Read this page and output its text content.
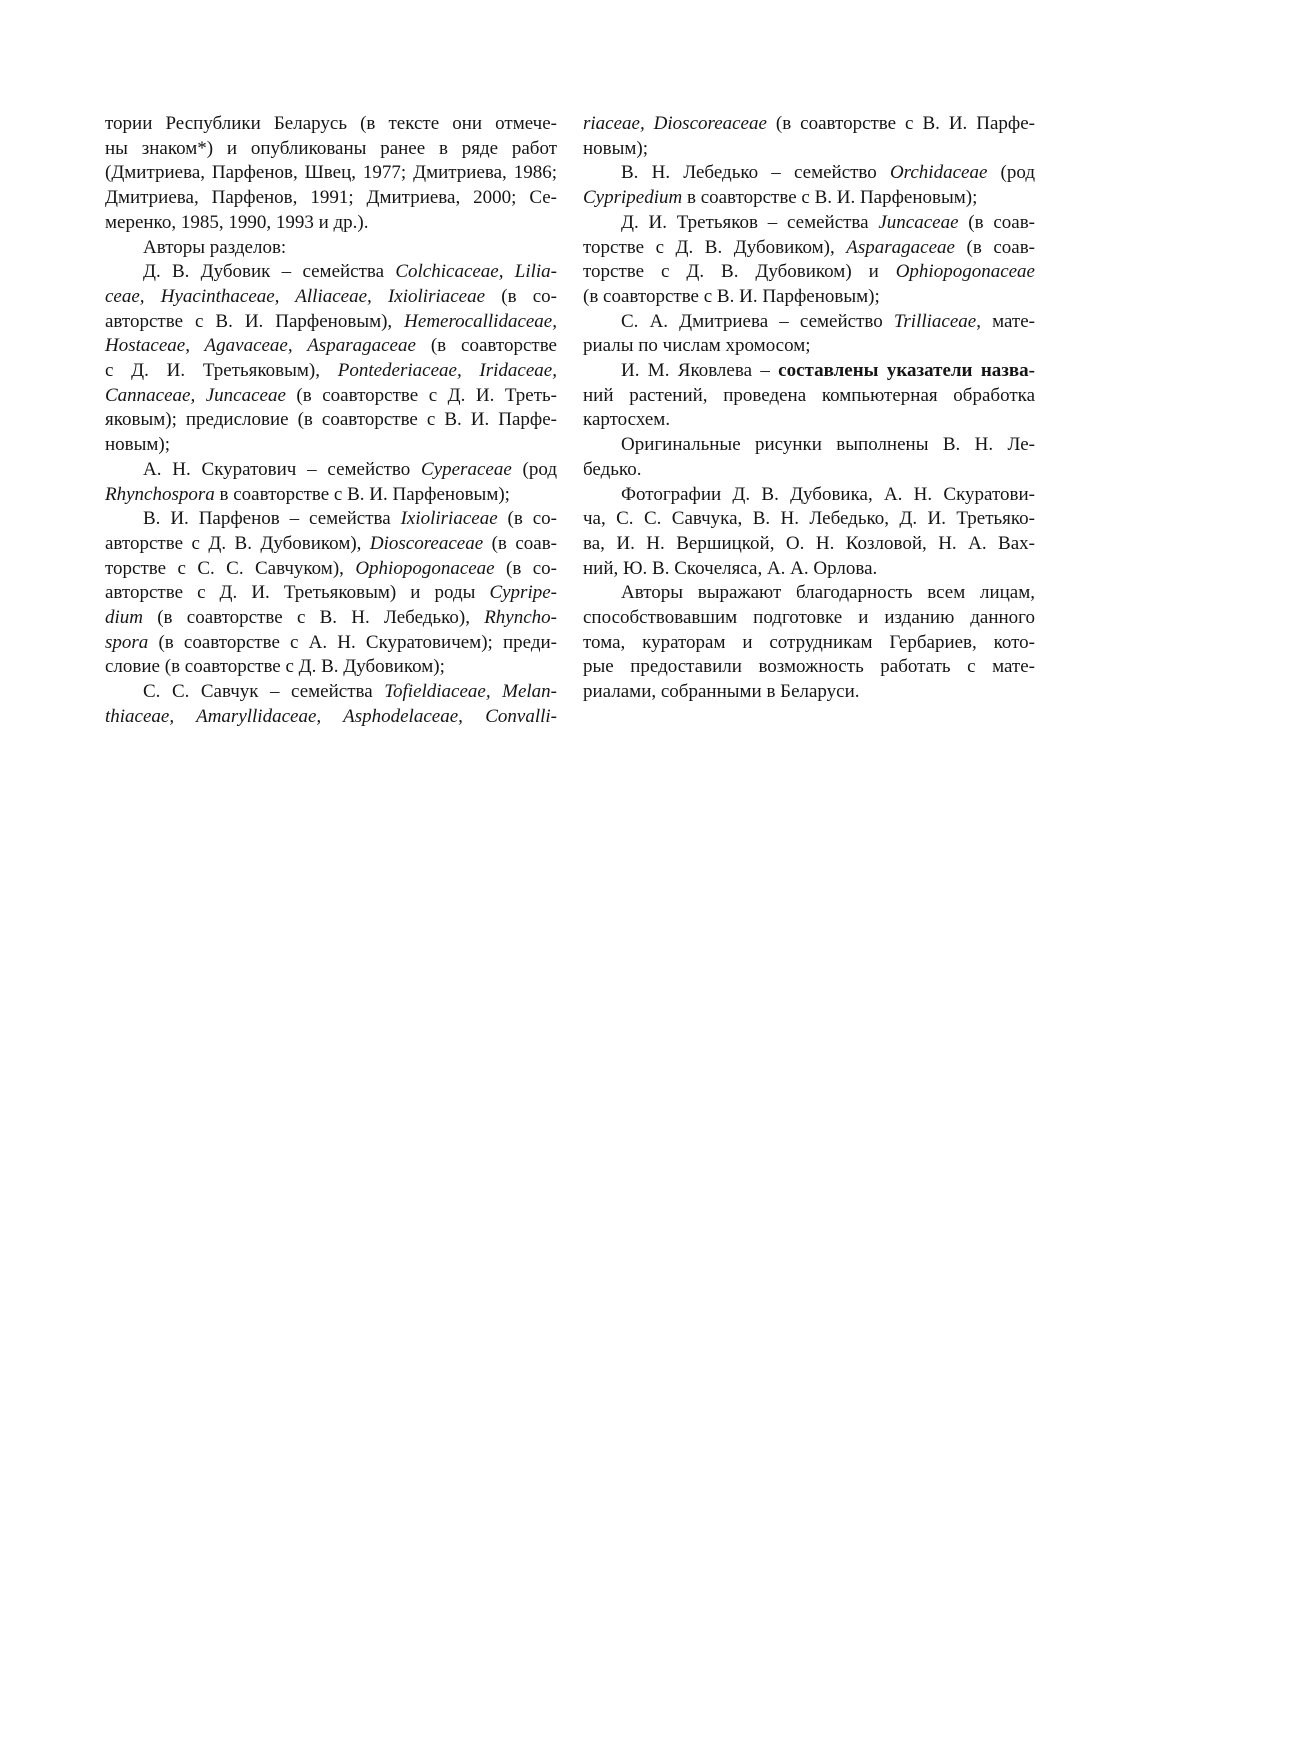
тории Республики Беларусь (в тексте они отмече-
ны знаком*) и опубликованы ранее в ряде работ
(Дмитриева, Парфенов, Швец, 1977; Дмитриева, 1986;
Дмитриева, Парфенов, 1991; Дмитриева, 2000; Се-
меренко, 1985, 1990, 1993 и др.).
Авторы разделов:
Д. В. Дубовик – семейства Colchicaceae, Lilia-
ceae, Hyacinthaceae, Alliaceae, Ixioliriaceae (в со-
авторстве с В. И. Парфеновым), Hemerocallidaceae,
Hostaceae, Agavaceae, Asparagaceae (в соавторстве
с Д. И. Третьяковым), Pontederiaceae, Iridaceae,
Cannaceae, Juncaceae (в соавторстве с Д. И. Треть-
яковым); предисловие (в соавторстве с В. И. Парфе-
новым);
А. Н. Скуратович – семейство Cyperaceae (род
Rhynchospora в соавторстве с В. И. Парфеновым);
В. И. Парфенов – семейства Ixioliriaceae (в со-
авторстве с Д. В. Дубовиком), Dioscoreaceae (в соав-
торстве с С. С. Савчуком), Ophiopogonaceae (в со-
авторстве с Д. И. Третьяковым) и роды Cypripe-
dium (в соавторстве с В. Н. Лебедько), Rhyncho-
spora (в соавторстве с А. Н. Скуратовичем); преди-
словие (в соавторстве с Д. В. Дубовиком);
С. С. Савчук – семейства Tofieldiaceae, Melan-
thiaceae, Amaryllidaceae, Asphodelaceae, Convalli-
riaceae, Dioscoreaceae (в соавторстве с В. И. Парфе-
новым);
В. Н. Лебедько – семейство Orchidaceae (род
Cypripedium в соавторстве с В. И. Парфеновым);
Д. И. Третьяков – семейства Juncaceae (в соав-
торстве с Д. В. Дубовиком), Asparagaceae (в соав-
торстве с Д. В. Дубовиком) и Ophiopogonaceae
(в соавторстве с В. И. Парфеновым);
С. А. Дмитриева – семейство Trilliaceae, мате-
риалы по числам хромосом;
И. М. Яковлева – составлены указатели назва-
ний растений, проведена компьютерная обработка
картосхем.
Оригинальные рисунки выполнены В. Н. Ле-
бедько.
Фотографии Д. В. Дубовика, А. Н. Скуратови-
ча, С. С. Савчука, В. Н. Лебедько, Д. И. Третьяко-
ва, И. Н. Вершицкой, О. Н. Козловой, Н. А. Вах-
ний, Ю. В. Скочеляса, А. А. Орлова.
Авторы выражают благодарность всем лицам,
способствовавшим подготовке и изданию данного
тома, кураторам и сотрудникам Гербариев, кото-
рые предоставили возможность работать с мате-
риалами, собранными в Беларуси.
